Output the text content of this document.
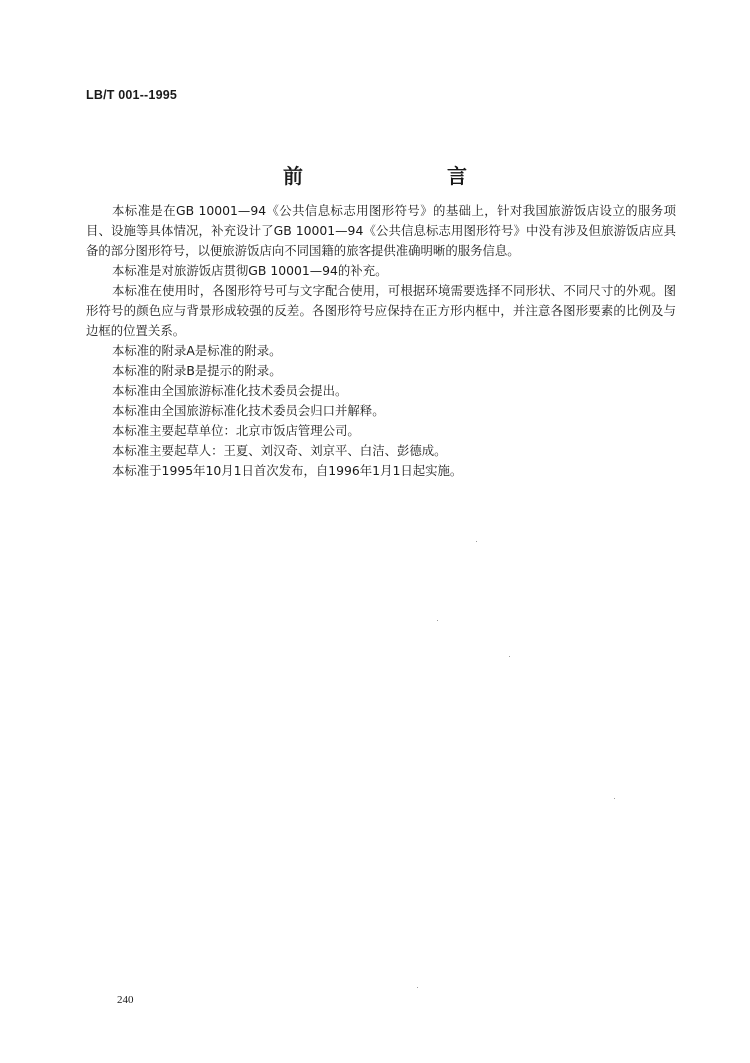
LB/T 001--1995
前　言

本标准是在GB 10001—94《公共信息标志用图形符号》的基础上，针对我国旅游饭店设立的服务项目、设施等具体情况，补充设计了GB 10001—94《公共信息标志用图形符号》中没有涉及但旅游饭店应具备的部分图形符号，以便旅游饭店向不同国籍的旅客提供准确明晰的服务信息。

本标准是对旅游饭店贯彻GB 10001—94的补充。

本标准在使用时，各图形符号可与文字配合使用，可根据环境需要选择不同形状、不同尺寸的外观。图形符号的颜色应与背景形成较强的反差。各图形符号应保持在正方形内框中，并注意各图形要素的比例及与边框的位置关系。

本标准的附录A是标准的附录。

本标准的附录B是提示的附录。

本标准由全国旅游标准化技术委员会提出。

本标准由全国旅游标准化技术委员会归口并解释。

本标准主要起草单位：北京市饭店管理公司。

本标准主要起草人：王夏、刘汉奇、刘京平、白洁、彭德成。

本标准于1995年10月1日首次发布，自1996年1月1日起实施。

240
